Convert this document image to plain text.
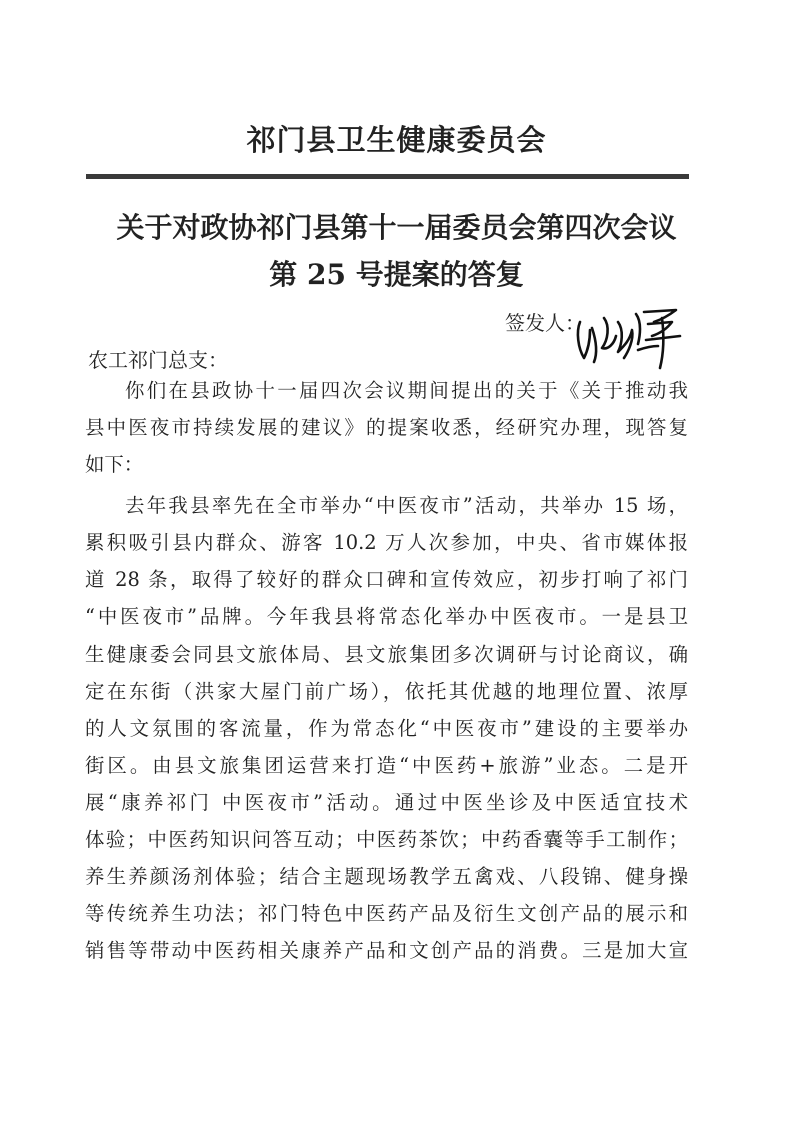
祁门县卫生健康委员会
关于对政协祁门县第十一届委员会第四次会议
第 25 号提案的答复
签发人：
农工祁门总支：
你们在县政协十一届四次会议期间提出的关于《关于推动我
县中医夜市持续发展的建议》的提案收悉，经研究办理，现答复
如下：
去年我县率先在全市举办“中医夜市”活动，共举办 15 场，
累积吸引县内群众、游客 10.2 万人次参加，中央、省市媒体报
道 28 条，取得了较好的群众口碑和宣传效应，初步打响了祁门
“中医夜市”品牌。今年我县将常态化举办中医夜市。一是县卫
生健康委会同县文旅体局、县文旅集团多次调研与讨论商议，确
定在东街（洪家大屋门前广场），依托其优越的地理位置、浓厚
的人文氛围的客流量，作为常态化“中医夜市”建设的主要举办
街区。由县文旅集团运营来打造“中医药+旅游”业态。二是开
展“康养祁门 中医夜市”活动。通过中医坐诊及中医适宜技术
体验；中医药知识问答互动；中医药茶饮；中药香囊等手工制作；
养生养颜汤剂体验；结合主题现场教学五禽戏、八段锦、健身操
等传统养生功法；祁门特色中医药产品及衍生文创产品的展示和
销售等带动中医药相关康养产品和文创产品的消费。三是加大宣
